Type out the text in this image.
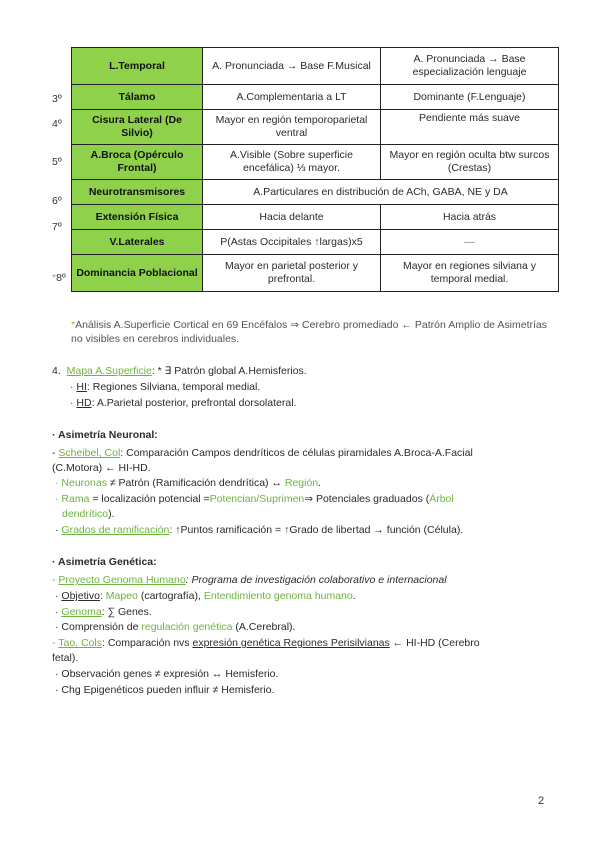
L.Temporal	A. Pronunciada → Base F.Musical	A. Pronunciada → Base especialización lenguaje
Tálamo	A.Complementaria a LT	Dominante (F.Lenguaje)
Cisura Lateral (De Silvio)	Mayor en región temporoparietal ventral	Pendiente más suave
A.Broca (Opérculo Frontal)	A.Visible (Sobre superficie encefálica) ⅓ mayor.	Mayor en región oculta btw surcos (Crestas)
Neurotransmisores	A.Particulares en distribución de ACh, GABA, NE y DA	
Extensión Física	Hacia delante	Hacia atrás
V.Laterales	P(Astas Occipitales ↑largas)x5	—
Dominancia Poblacional	Mayor en parietal posterior y prefrontal.	Mayor en regiones silviana y temporal medial.
3º
4º
5º
6º
7º
*8º
*Análisis A.Superficie Cortical en 69 Encéfalos ⇒ Cerebro promediado ← Patrón Amplio de Asimetrías no visibles en cerebros individuales.
4. Mapa A.Superficie: * ∃ Patrón global A.Hemisferios.
· HI: Regiones Silviana, temporal medial.
· HD: A.Parietal posterior, prefrontal dorsolateral.
· Asimetría Neuronal:
- Scheibel, Col: Comparación Campos dendríticos de células piramidales A.Broca-A.Facial
(C.Motora) ← HI-HD.
· Neuronas ≠ Patrón (Ramificación dendrítica) ↔ Región.
· Rama = localización potencial =Potencian/Suprimen⇒ Potenciales graduados (Árbol
dendrítico).
· Grados de ramificación: ↑Puntos ramificación = ↑Grado de libertad → función (Célula).
· Asimetría Genética:
- Proyecto Genoma Humano: Programa de investigación colaborativo e internacional
· Objetivo: Mapeo (cartografía), Entendimiento genoma humano.
· Genoma: ∑ Genes.
· Comprensión de regulación genética (A.Cerebral).
- Tao, Cols: Comparación nvs expresión genética Regiones Perisilvianas ← HI-HD (Cerebro
fetal).
· Observación genes ≠ expresión ↔ Hemisferio.
· Chg Epigenéticos pueden influir ≠ Hemisferio.
2
